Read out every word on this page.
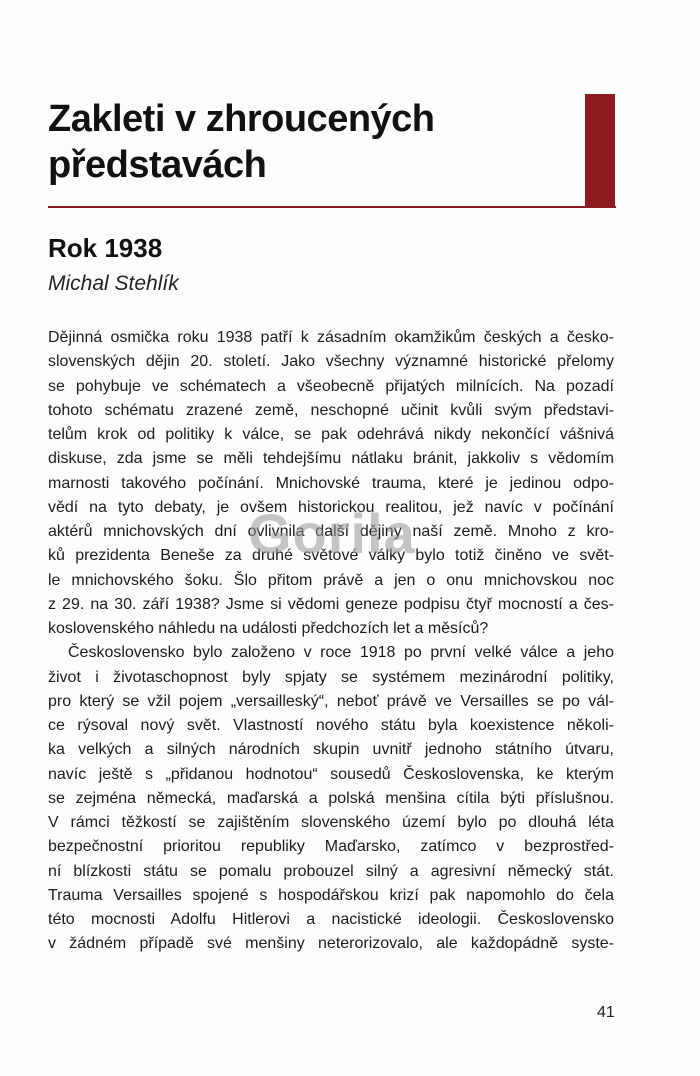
Zakleti v zhroucených
představách
Rok 1938

Michal Stehlík

Dějinná osmička roku 1938 patří k zásadním okamžikům českých a česko-
slovenských dějin 20. století. Jako všechny významné historické přelomy
se pohybuje ve schématech a všeobecně přijatých milnících. Na pozadí
tohoto schématu zrazené země, neschopné učinit kvůli svým představi-
telům krok od politiky k válce, se pak odehrává nikdy nekončící vášnivá
diskuse, zda jsme se měli tehdejšímu nátlaku bránit, jakkoliv s vědomím
marnosti takového počínání. Mnichovské trauma, které je jedinou odpo-
vědí na tyto debaty, je ovšem historickou realitou, jež navíc v počínání
aktérů mnichovských dní ovlivnila další dějiny naší země. Mnoho z kro-
ků prezidenta Beneše za druhé světové války bylo totiž činěno ve svět-
le mnichovského šoku. Šlo přitom právě a jen o onu mnichovskou noc
z 29. na 30. září 1938? Jsme si vědomi geneze podpisu čtyř mocností a čes-
koslovenského náhledu na události předchozích let a měsíců?
Československo bylo založeno v roce 1918 po první velké válce a jeho
život i životaschopnost byly spjaty se systémem mezinárodní politiky,
pro který se vžil pojem „versailleský“, neboť právě ve Versailles se po vál-
ce rýsoval nový svět. Vlastností nového státu byla koexistence několi-
ka velkých a silných národních skupin uvnitř jednoho státního útvaru,
navíc ještě s „přidanou hodnotou“ sousedů Československa, ke kterým
se zejména německá, maďarská a polská menšina cítila býti příslušnou.
V rámci těžkostí se zajištěním slovenského území bylo po dlouhá léta
bezpečnostní prioritou republiky Maďarsko, zatímco v bezprostřed-
ní blízkosti státu se pomalu probouzel silný a agresivní německý stát.
Trauma Versailles spojené s hospodářskou krizí pak napomohlo do čela
této mocnosti Adolfu Hitlerovi a nacistické ideologii. Československo
v žádném případě své menšiny neterorizovalo, ale každopádně syste-
Gorila
41
